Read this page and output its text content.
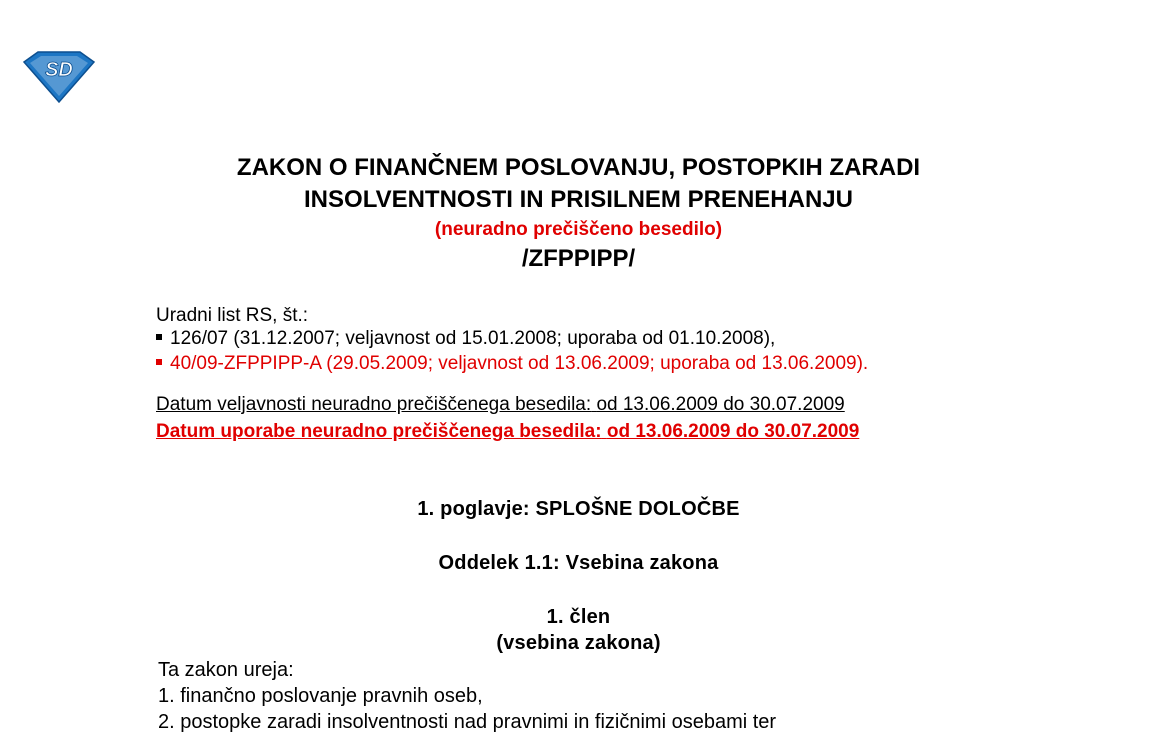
SD
ZAKON O FINANČNEM POSLOVANJU, POSTOPKIH ZARADI
INSOLVENTNOSTI IN PRISILNEM PRENEHANJU
(neuradno prečiščeno besedilo)
/ZFPPIPP/
Uradni list RS, št.:
126/07 (31.12.2007; veljavnost od 15.01.2008; uporaba od 01.10.2008),
40/09-ZFPPIPP-A (29.05.2009; veljavnost od 13.06.2009; uporaba od 13.06.2009).
Datum veljavnosti neuradno prečiščenega besedila: od 13.06.2009 do 30.07.2009
Datum uporabe neuradno prečiščenega besedila: od 13.06.2009 do 30.07.2009
1. poglavje: SPLOŠNE DOLOČBE
Oddelek 1.1: Vsebina zakona
1. člen
(vsebina zakona)
Ta zakon ureja:
1. finančno poslovanje pravnih oseb,
2. postopke zaradi insolventnosti nad pravnimi in fizičnimi osebami ter
